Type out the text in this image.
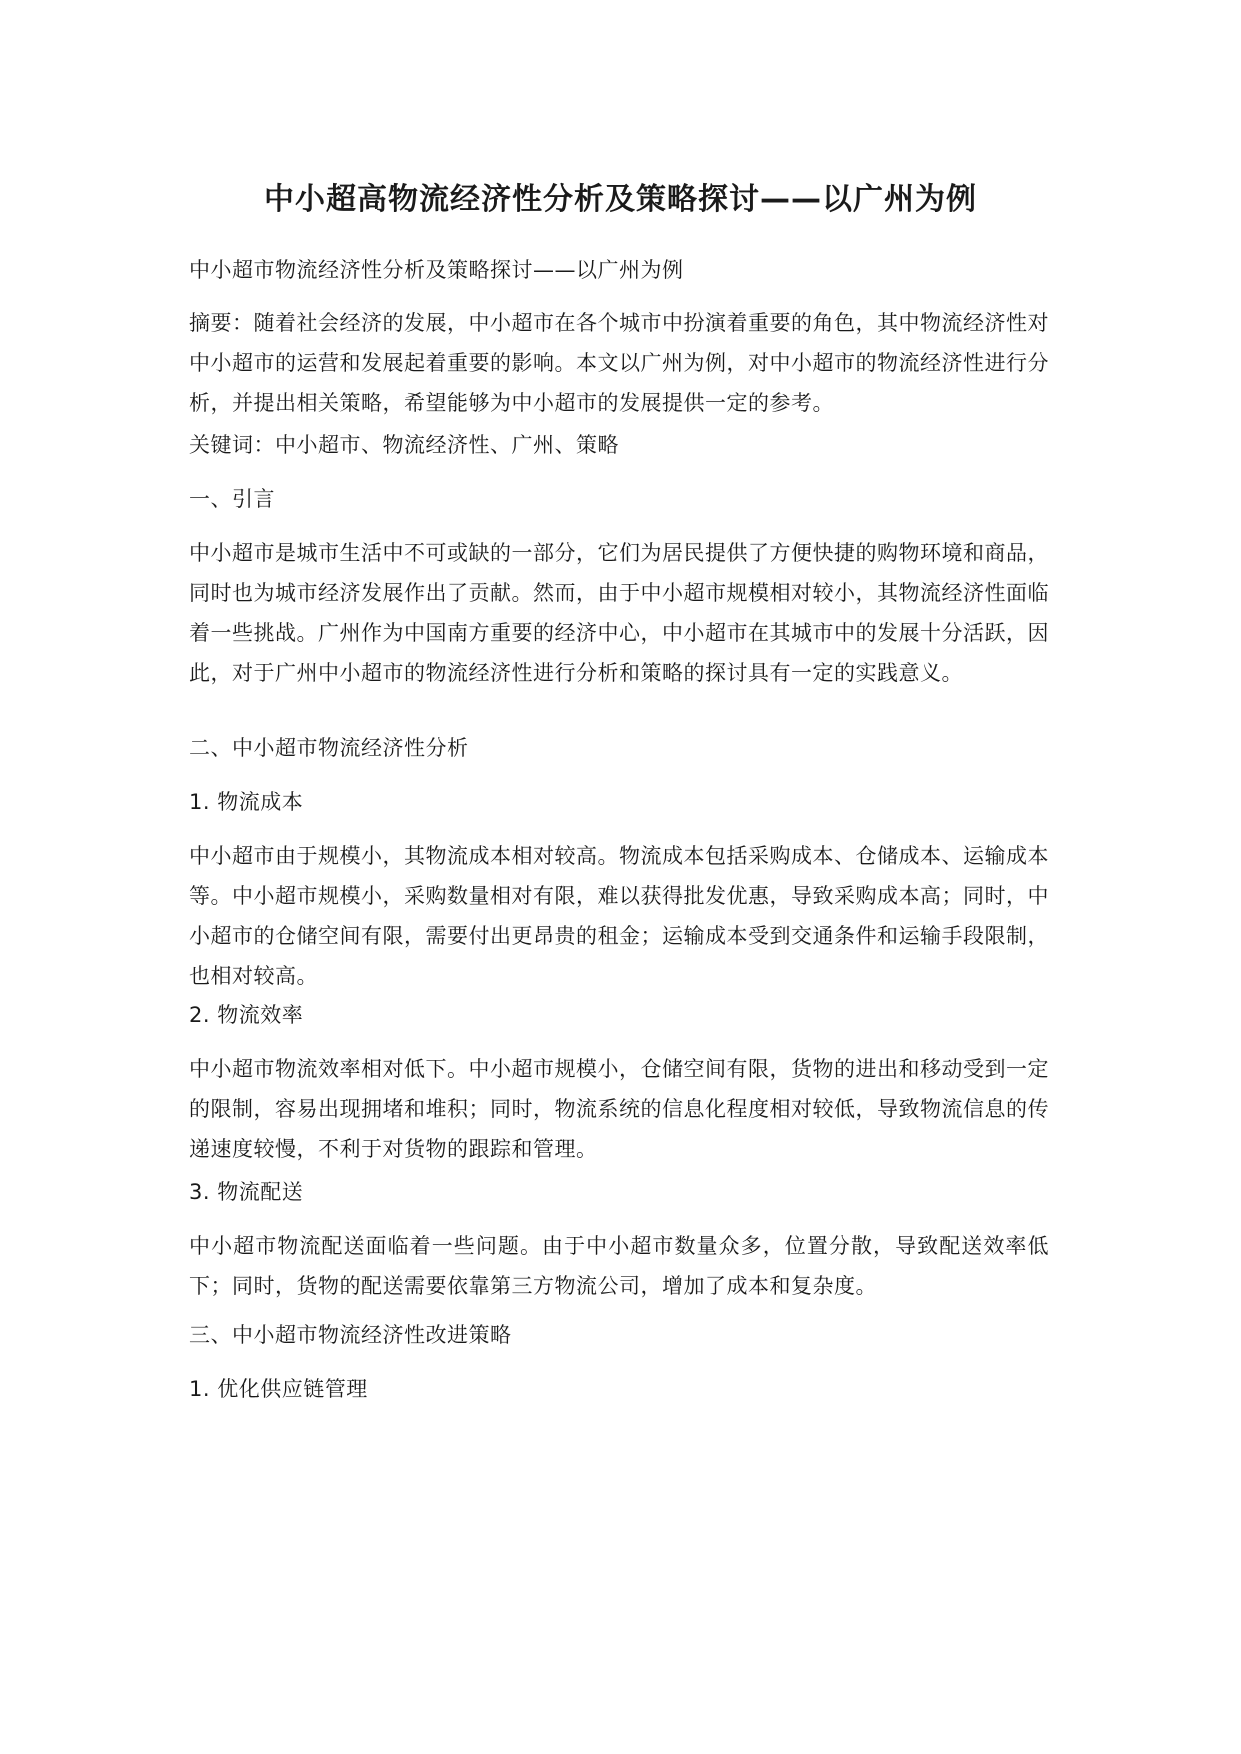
中小超高物流经济性分析及策略探讨——以广州为例

中小超市物流经济性分析及策略探讨——以广州为例

摘要：随着社会经济的发展，中小超市在各个城市中扮演着重要的角色，其中物流经济性对中小超市的运营和发展起着重要的影响。本文以广州为例，对中小超市的物流经济性进行分析，并提出相关策略，希望能够为中小超市的发展提供一定的参考。

关键词：中小超市、物流经济性、广州、策略

一、引言

中小超市是城市生活中不可或缺的一部分，它们为居民提供了方便快捷的购物环境和商品，同时也为城市经济发展作出了贡献。然而，由于中小超市规模相对较小，其物流经济性面临着一些挑战。广州作为中国南方重要的经济中心，中小超市在其城市中的发展十分活跃，因此，对于广州中小超市的物流经济性进行分析和策略的探讨具有一定的实践意义。

二、中小超市物流经济性分析

1. 物流成本

中小超市由于规模小，其物流成本相对较高。物流成本包括采购成本、仓储成本、运输成本等。中小超市规模小，采购数量相对有限，难以获得批发优惠，导致采购成本高；同时，中小超市的仓储空间有限，需要付出更昂贵的租金；运输成本受到交通条件和运输手段限制，也相对较高。

2. 物流效率

中小超市物流效率相对低下。中小超市规模小，仓储空间有限，货物的进出和移动受到一定的限制，容易出现拥堵和堆积；同时，物流系统的信息化程度相对较低，导致物流信息的传递速度较慢，不利于对货物的跟踪和管理。

3. 物流配送

中小超市物流配送面临着一些问题。由于中小超市数量众多，位置分散，导致配送效率低下；同时，货物的配送需要依靠第三方物流公司，增加了成本和复杂度。

三、中小超市物流经济性改进策略

1. 优化供应链管理
